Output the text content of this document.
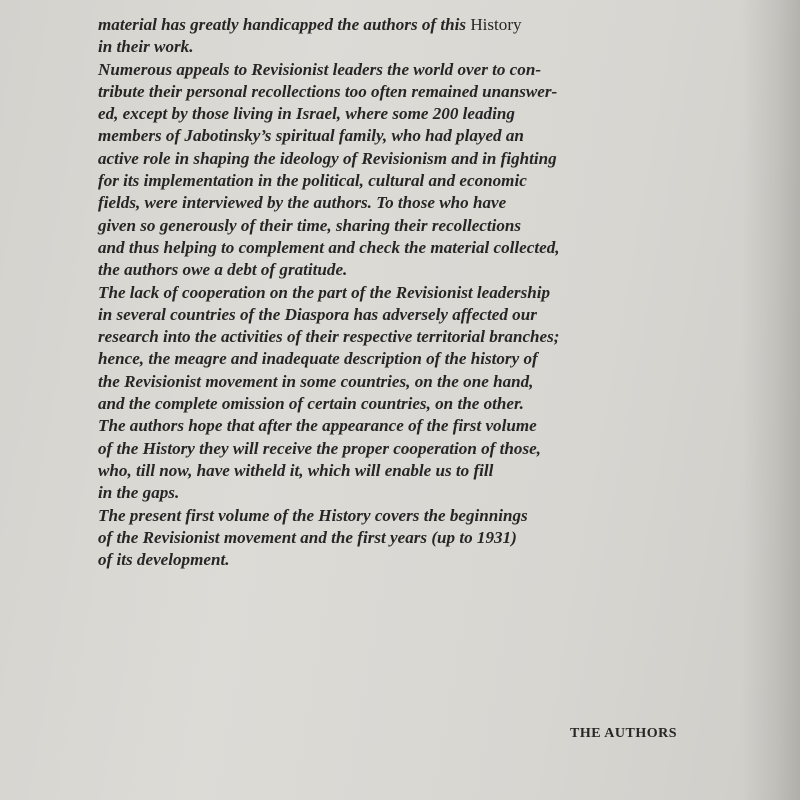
material has greatly handicapped the authors of this History
in their work.
Numerous appeals to Revisionist leaders the world over to con-
tribute their personal recollections too often remained unanswer-
ed, except by those living in Israel, where some 200 leading
members of Jabotinsky’s spiritual family, who had played an
active role in shaping the ideology of Revisionism and in fighting
for its implementation in the political, cultural and economic
fields, were interviewed by the authors. To those who have
given so generously of their time, sharing their recollections
and thus helping to complement and check the material collected,
the authors owe a debt of gratitude.
The lack of cooperation on the part of the Revisionist leadership
in several countries of the Diaspora has adversely affected our
research into the activities of their respective territorial branches;
hence, the meagre and inadequate description of the history of
the Revisionist movement in some countries, on the one hand,
and the complete omission of certain countries, on the other.
The authors hope that after the appearance of the first volume
of the History they will receive the proper cooperation of those,
who, till now, have witheld it, which will enable us to fill
in the gaps.
The present first volume of the History covers the beginnings
of the Revisionist movement and the first years (up to 1931)
of its development.
THE AUTHORS
